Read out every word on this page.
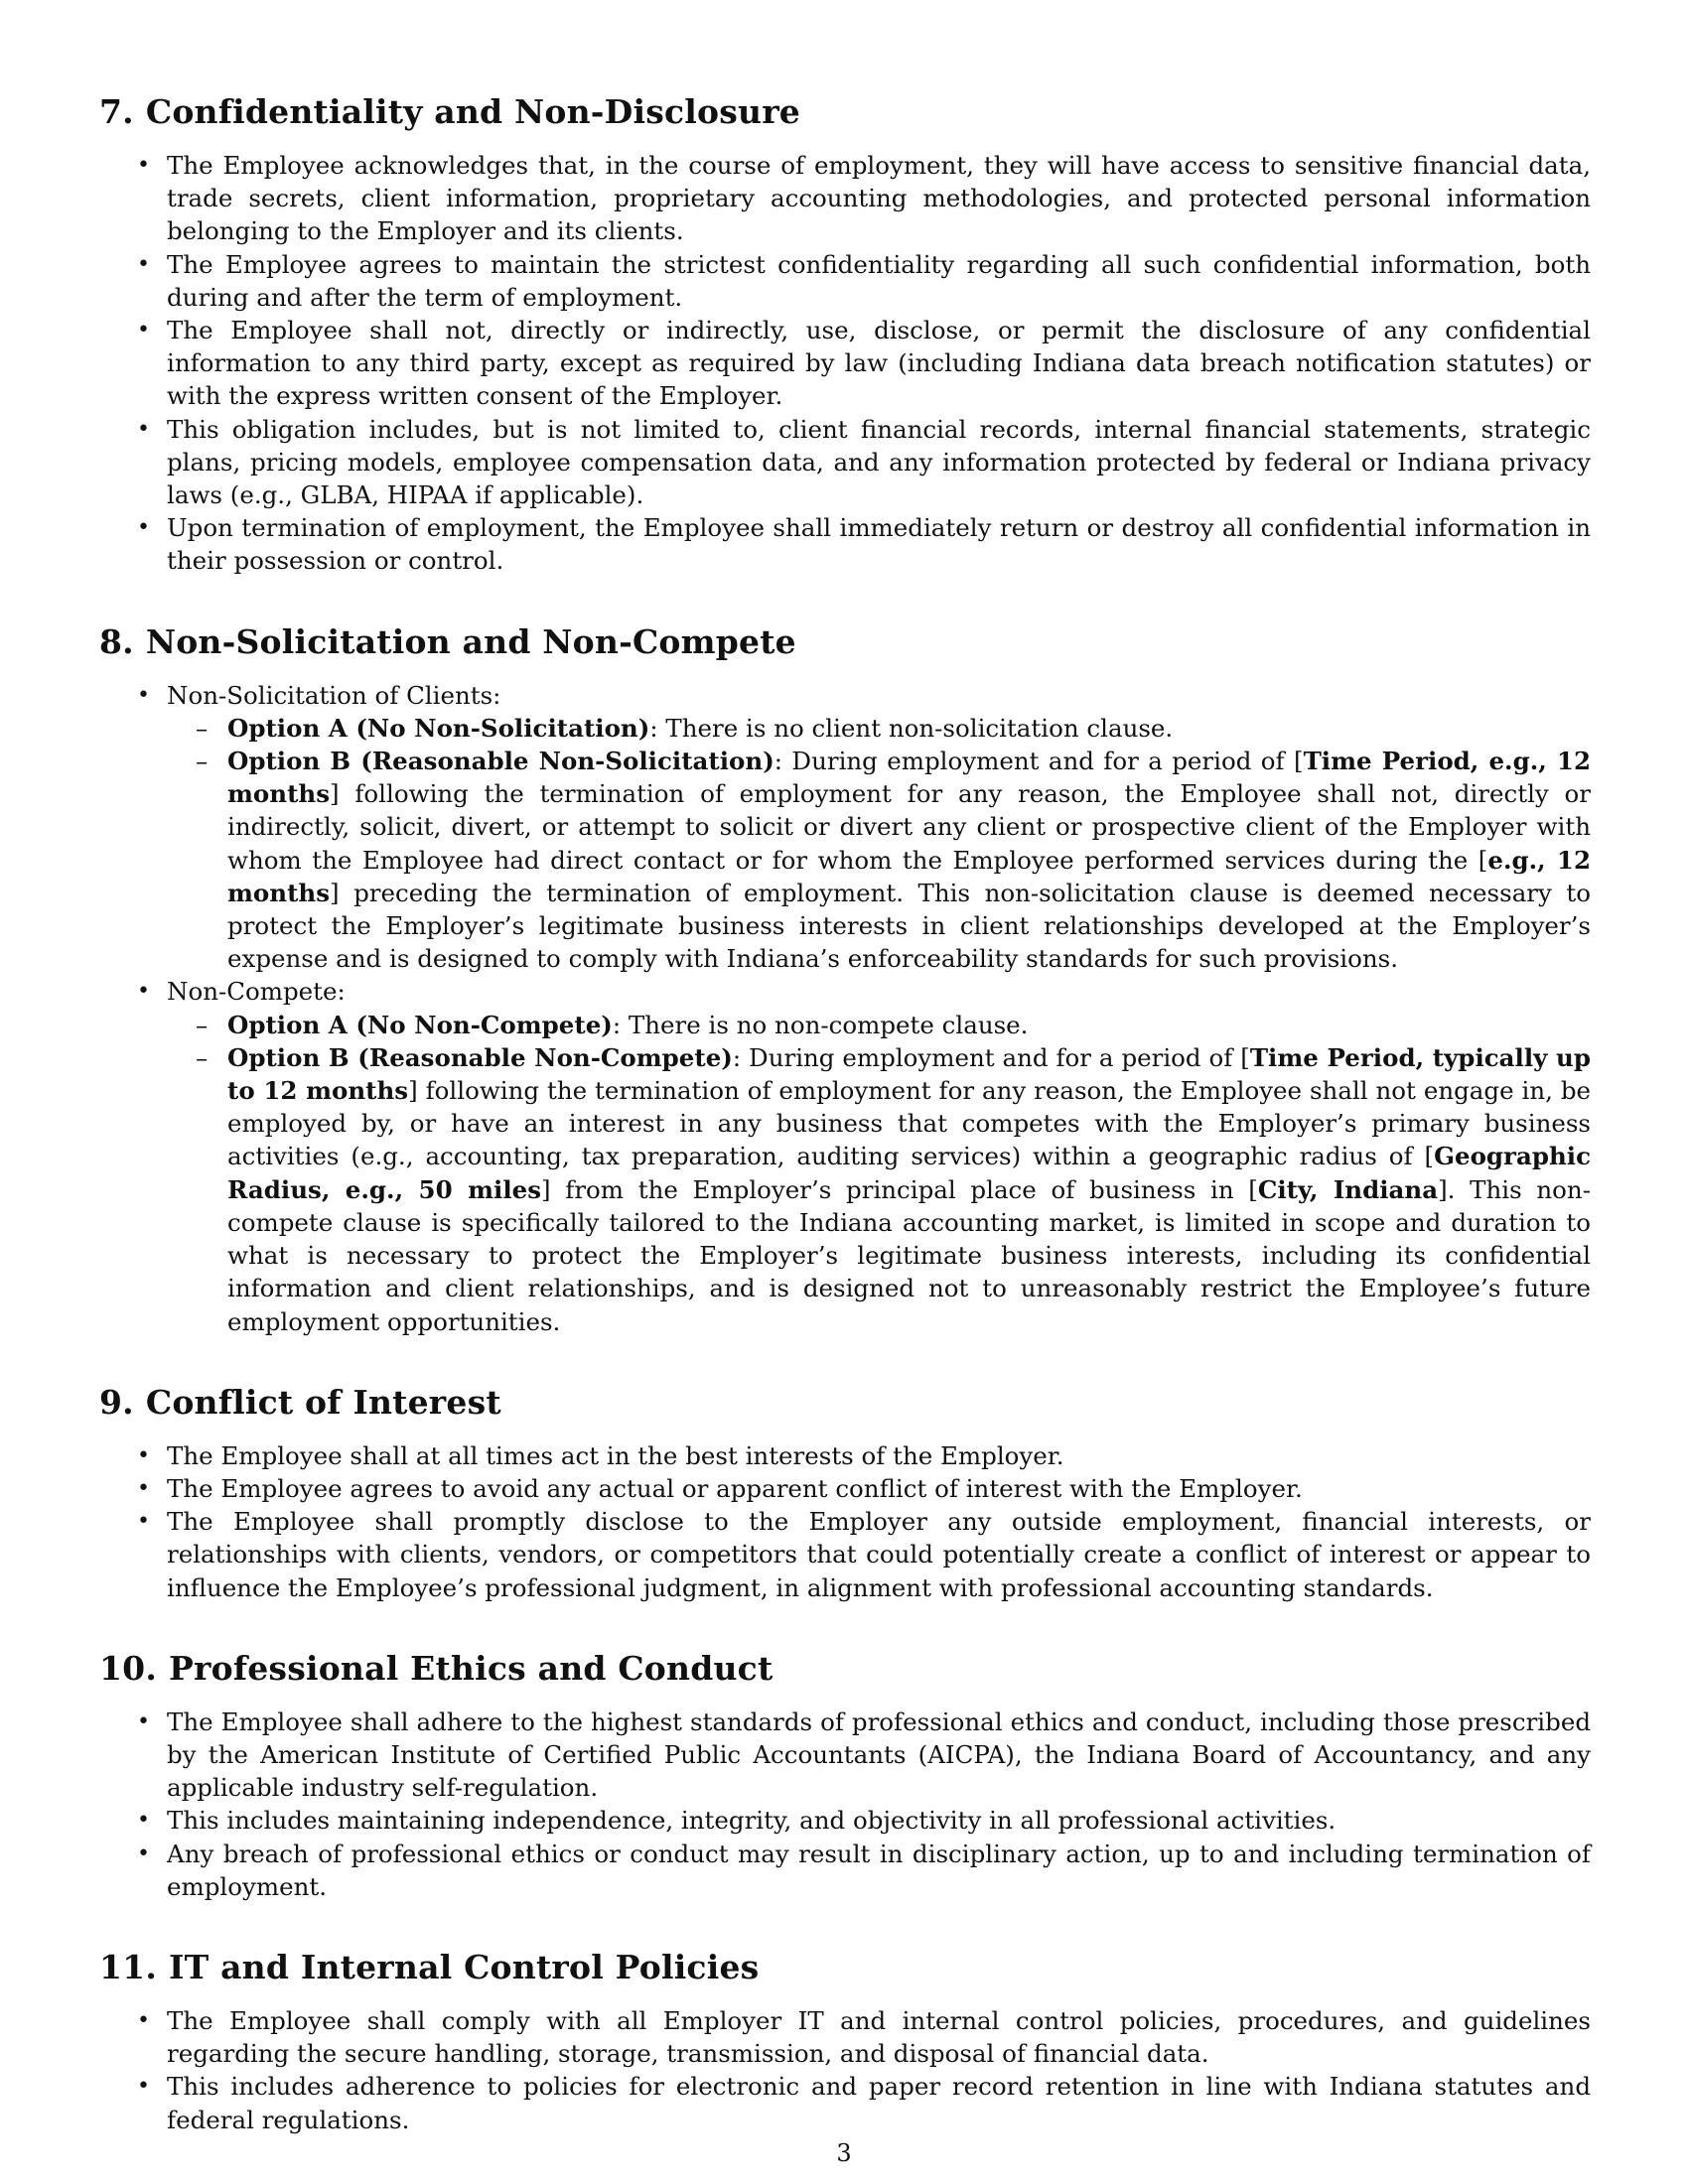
7. Confidentiality and Non-Disclosure
• The Employee acknowledges that, in the course of employment, they will have access to sensitive financial data, trade secrets, client information, proprietary accounting methodologies, and protected personal information belonging to the Employer and its clients.
• The Employee agrees to maintain the strictest confidentiality regarding all such confidential information, both during and after the term of employment.
• The Employee shall not, directly or indirectly, use, disclose, or permit the disclosure of any confidential information to any third party, except as required by law (including Indiana data breach notification statutes) or with the express written consent of the Employer.
• This obligation includes, but is not limited to, client financial records, internal financial statements, strategic plans, pricing models, employee compensation data, and any information protected by federal or Indiana privacy laws (e.g., GLBA, HIPAA if applicable).
• Upon termination of employment, the Employee shall immediately return or destroy all confidential information in their possession or control.
8. Non-Solicitation and Non-Compete
• Non-Solicitation of Clients:
– Option A (No Non-Solicitation): There is no client non-solicitation clause.
– Option B (Reasonable Non-Solicitation): During employment and for a period of [Time Period, e.g., 12 months] following the termination of employment for any reason, the Employee shall not, directly or indirectly, solicit, divert, or attempt to solicit or divert any client or prospective client of the Employer with whom the Employee had direct contact or for whom the Employee performed services during the [e.g., 12 months] preceding the termination of employment. This non-solicitation clause is deemed necessary to protect the Employer’s legitimate business interests in client relationships developed at the Employer’s expense and is designed to comply with Indiana’s enforceability standards for such provisions.
• Non-Compete:
– Option A (No Non-Compete): There is no non-compete clause.
– Option B (Reasonable Non-Compete): During employment and for a period of [Time Period, typically up to 12 months] following the termination of employment for any reason, the Employee shall not engage in, be employed by, or have an interest in any business that competes with the Employer’s primary business activities (e.g., accounting, tax preparation, auditing services) within a geographic radius of [Geographic Radius, e.g., 50 miles] from the Employer’s principal place of business in [City, Indiana]. This non-compete clause is specifically tailored to the Indiana accounting market, is limited in scope and duration to what is necessary to protect the Employer’s legitimate business interests, including its confidential information and client relationships, and is designed not to unreasonably restrict the Employee’s future employment opportunities.
9. Conflict of Interest
• The Employee shall at all times act in the best interests of the Employer.
• The Employee agrees to avoid any actual or apparent conflict of interest with the Employer.
• The Employee shall promptly disclose to the Employer any outside employment, financial interests, or relationships with clients, vendors, or competitors that could potentially create a conflict of interest or appear to influence the Employee’s professional judgment, in alignment with professional accounting standards.
10. Professional Ethics and Conduct
• The Employee shall adhere to the highest standards of professional ethics and conduct, including those prescribed by the American Institute of Certified Public Accountants (AICPA), the Indiana Board of Accountancy, and any applicable industry self-regulation.
• This includes maintaining independence, integrity, and objectivity in all professional activities.
• Any breach of professional ethics or conduct may result in disciplinary action, up to and including termination of employment.
11. IT and Internal Control Policies
• The Employee shall comply with all Employer IT and internal control policies, procedures, and guidelines regarding the secure handling, storage, transmission, and disposal of financial data.
• This includes adherence to policies for electronic and paper record retention in line with Indiana statutes and federal regulations.
3
